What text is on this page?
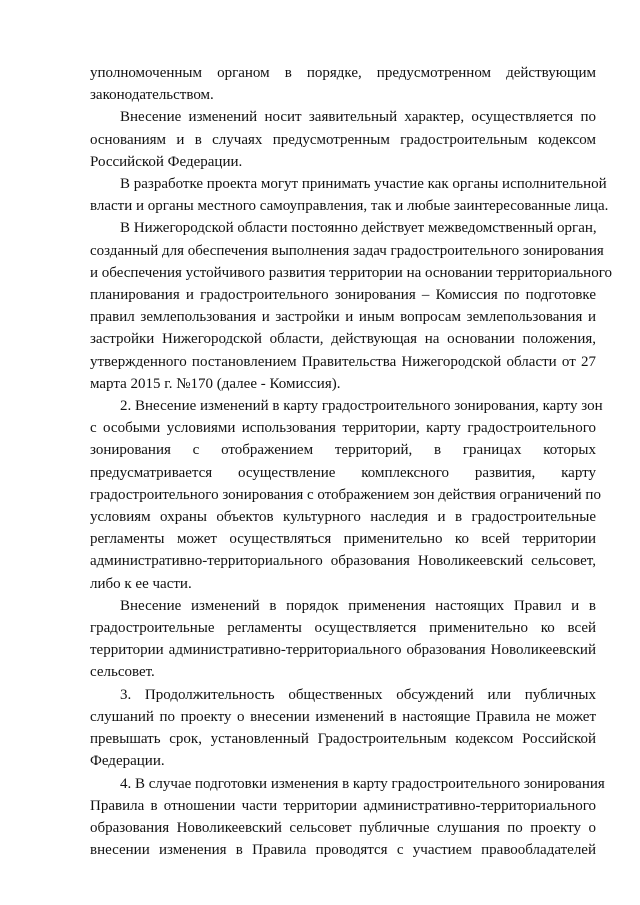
уполномоченным органом в порядке, предусмотренном действующим
законодательством.
Внесение изменений носит заявительный характер, осуществляется по
основаниям и в случаях предусмотренным градостроительным кодексом
Российской Федерации.
В разработке проекта могут принимать участие как органы исполнительной
власти и органы местного самоуправления, так и любые заинтересованные лица.
В Нижегородской области постоянно действует межведомственный орган,
созданный для обеспечения выполнения задач градостроительного зонирования
и обеспечения устойчивого развития территории на основании территориального
планирования и градостроительного зонирования – Комиссия по подготовке
правил землепользования и застройки и иным вопросам землепользования и
застройки Нижегородской области, действующая на основании положения,
утвержденного постановлением Правительства Нижегородской области от 27
марта 2015 г. №170 (далее - Комиссия).
2. Внесение изменений в карту градостроительного зонирования, карту зон
с особыми условиями использования территории, карту градостроительного
зонирования с отображением территорий, в границах которых
предусматривается осуществление комплексного развития, карту
градостроительного зонирования с отображением зон действия ограничений по
условиям охраны объектов культурного наследия и в градостроительные
регламенты может осуществляться применительно ко всей территории
административно-территориального образования Новоликеевский сельсовет,
либо к ее части.
Внесение изменений в порядок применения настоящих Правил и в
градостроительные регламенты осуществляется применительно ко всей
территории административно-территориального образования Новоликеевский
сельсовет.
3. Продолжительность общественных обсуждений или публичных
слушаний по проекту о внесении изменений в настоящие Правила не может
превышать срок, установленный Градостроительным кодексом Российской
Федерации.
4. В случае подготовки изменения в карту градостроительного зонирования
Правила в отношении части территории административно-территориального
образования Новоликеевский сельсовет публичные слушания по проекту о
внесении изменения в Правила проводятся с участием правообладателей
